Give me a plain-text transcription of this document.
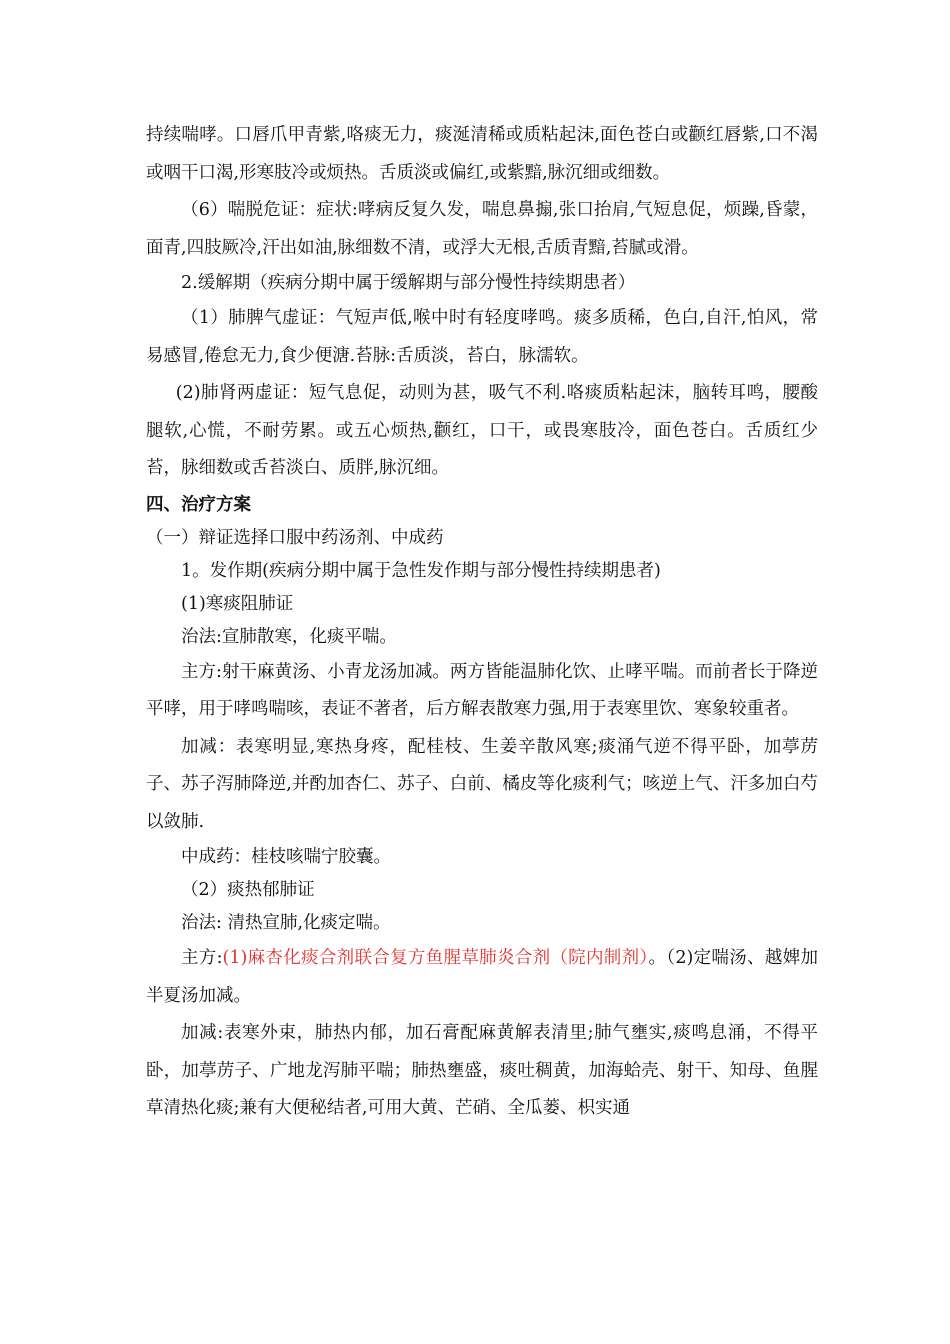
持续喘哮。口唇爪甲青紫,咯痰无力，痰涎清稀或质粘起沫,面色苍白或颧红唇紫,口不渴或咽干口渴,形寒肢冷或烦热。舌质淡或偏红,或紫黯,脉沉细或细数。

（6）喘脱危证：症状:哮病反复久发，喘息鼻搧,张口抬肩,气短息促，烦躁,昏蒙，面青,四肢厥冷,汗出如油,脉细数不清，或浮大无根,舌质青黯,苔腻或滑。

2.缓解期（疾病分期中属于缓解期与部分慢性持续期患者）

（1）肺脾气虚证：气短声低,喉中时有轻度哮鸣。痰多质稀，色白,自汗,怕风，常易感冒,倦怠无力,食少便溏.苔脉:舌质淡，苔白，脉濡软。

(2)肺肾两虚证：短气息促，动则为甚，吸气不利.咯痰质粘起沫，脑转耳鸣，腰酸腿软,心慌，不耐劳累。或五心烦热,颧红，口干，或畏寒肢冷，面色苍白。舌质红少苔，脉细数或舌苔淡白、质胖,脉沉细。

四、治疗方案

（一）辩证选择口服中药汤剂、中成药

1。发作期(疾病分期中属于急性发作期与部分慢性持续期患者)

(1)寒痰阻肺证

治法:宣肺散寒，化痰平喘。

主方:射干麻黄汤、小青龙汤加减。两方皆能温肺化饮、止哮平喘。而前者长于降逆平哮，用于哮鸣喘咳，表证不著者，后方解表散寒力强,用于表寒里饮、寒象较重者。

加减：表寒明显,寒热身疼，配桂枝、生姜辛散风寒;痰涌气逆不得平卧，加葶苈子、苏子泻肺降逆,并酌加杏仁、苏子、白前、橘皮等化痰利气；咳逆上气、汗多加白芍以敛肺.

中成药：桂枝咳喘宁胶囊。

（2）痰热郁肺证

治法: 清热宣肺,化痰定喘。

主方:(1)麻杏化痰合剂联合复方鱼腥草肺炎合剂（院内制剂）。（2)定喘汤、越婢加半夏汤加减。

加减:表寒外束，肺热内郁，加石膏配麻黄解表清里;肺气壅实,痰鸣息涌，不得平卧，加葶苈子、广地龙泻肺平喘；肺热壅盛，痰吐稠黄，加海蛤壳、射干、知母、鱼腥草清热化痰;兼有大便秘结者,可用大黄、芒硝、全瓜蒌、枳实通
